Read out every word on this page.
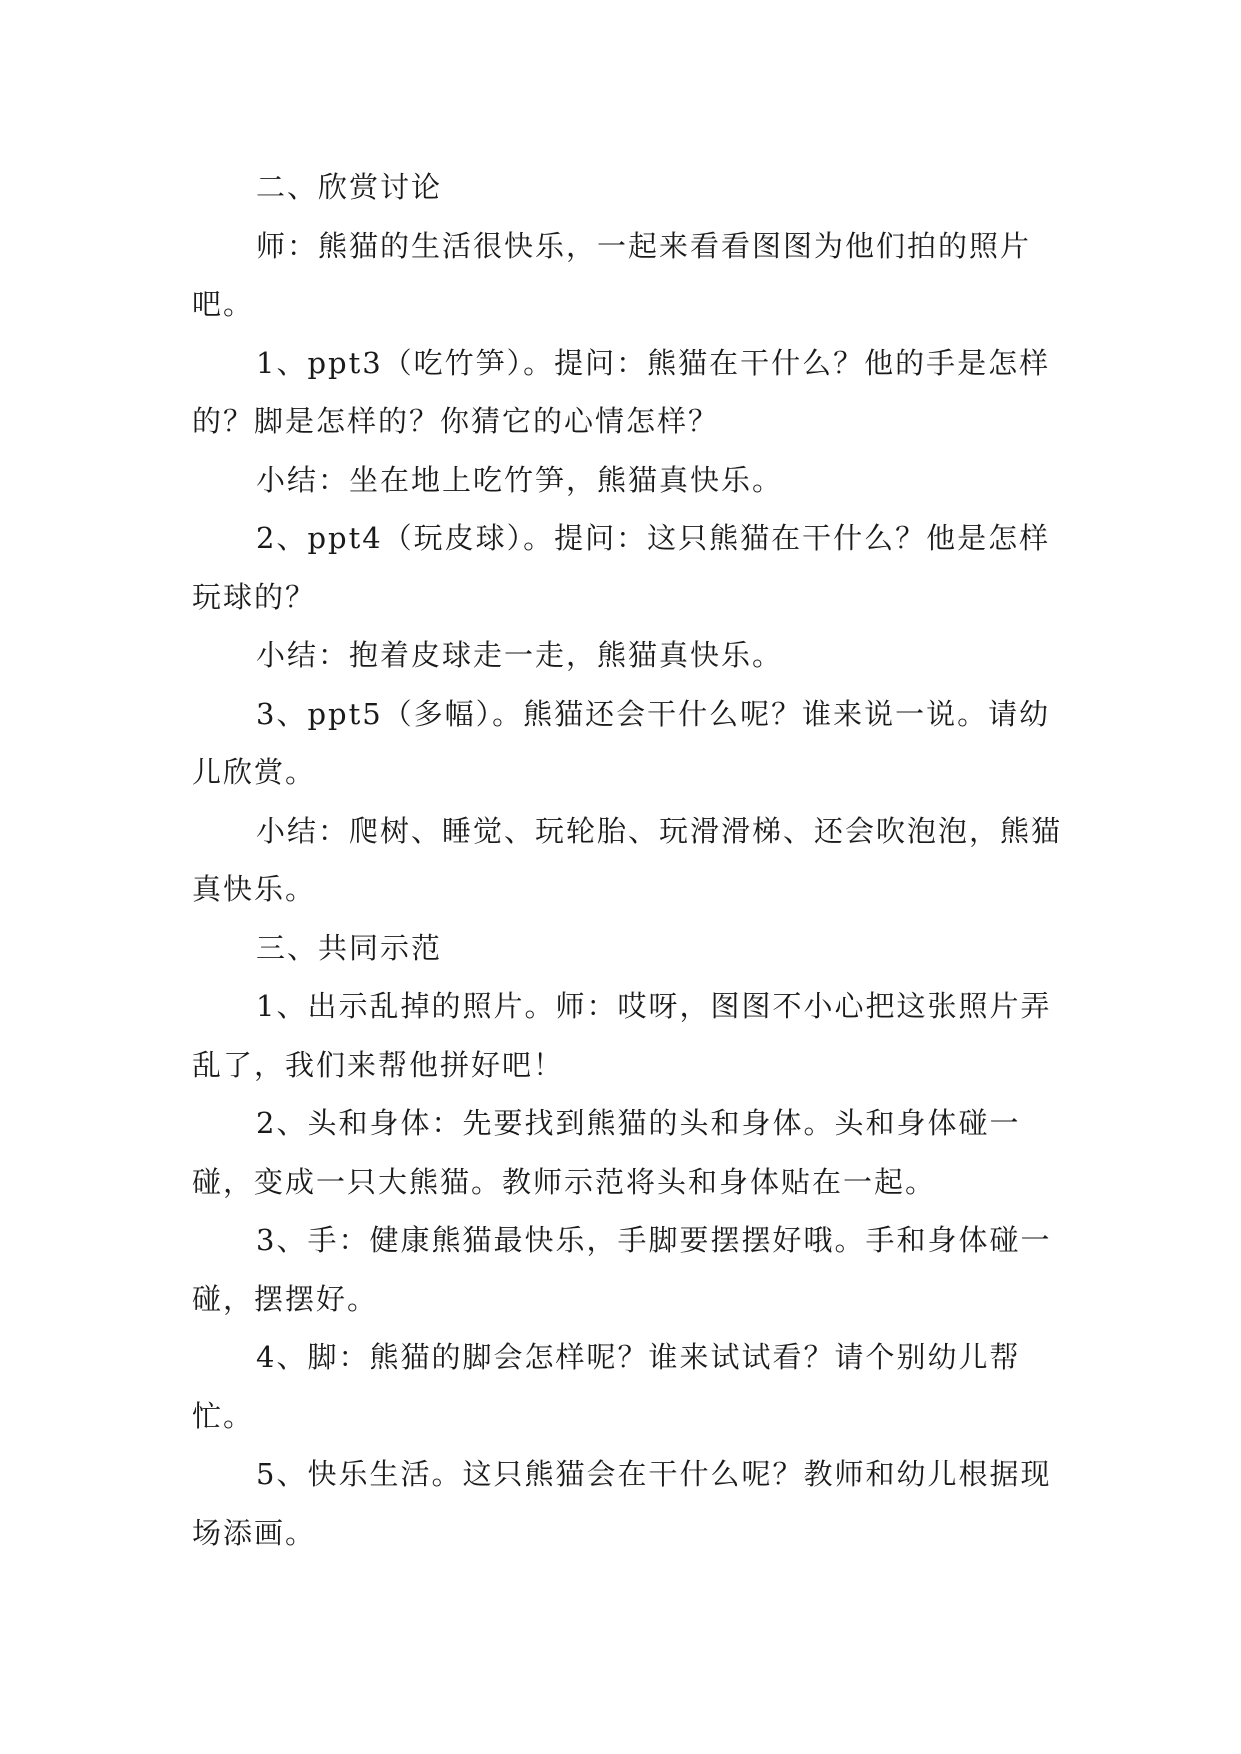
二、欣赏讨论

师：熊猫的生活很快乐，一起来看看图图为他们拍的照片吧。

1、ppt3（吃竹笋）。提问：熊猫在干什么？他的手是怎样的？脚是怎样的？你猜它的心情怎样？

小结：坐在地上吃竹笋，熊猫真快乐。

2、ppt4（玩皮球）。提问：这只熊猫在干什么？他是怎样玩球的？

小结：抱着皮球走一走，熊猫真快乐。

3、ppt5（多幅）。熊猫还会干什么呢？谁来说一说。请幼儿欣赏。

小结：爬树、睡觉、玩轮胎、玩滑滑梯、还会吹泡泡，熊猫真快乐。

三、共同示范

1、出示乱掉的照片。师：哎呀，图图不小心把这张照片弄乱了，我们来帮他拼好吧！

2、头和身体：先要找到熊猫的头和身体。头和身体碰一碰，变成一只大熊猫。教师示范将头和身体贴在一起。

3、手：健康熊猫最快乐，手脚要摆摆好哦。手和身体碰一碰，摆摆好。

4、脚：熊猫的脚会怎样呢？谁来试试看？请个别幼儿帮忙。

5、快乐生活。这只熊猫会在干什么呢？教师和幼儿根据现场添画。
